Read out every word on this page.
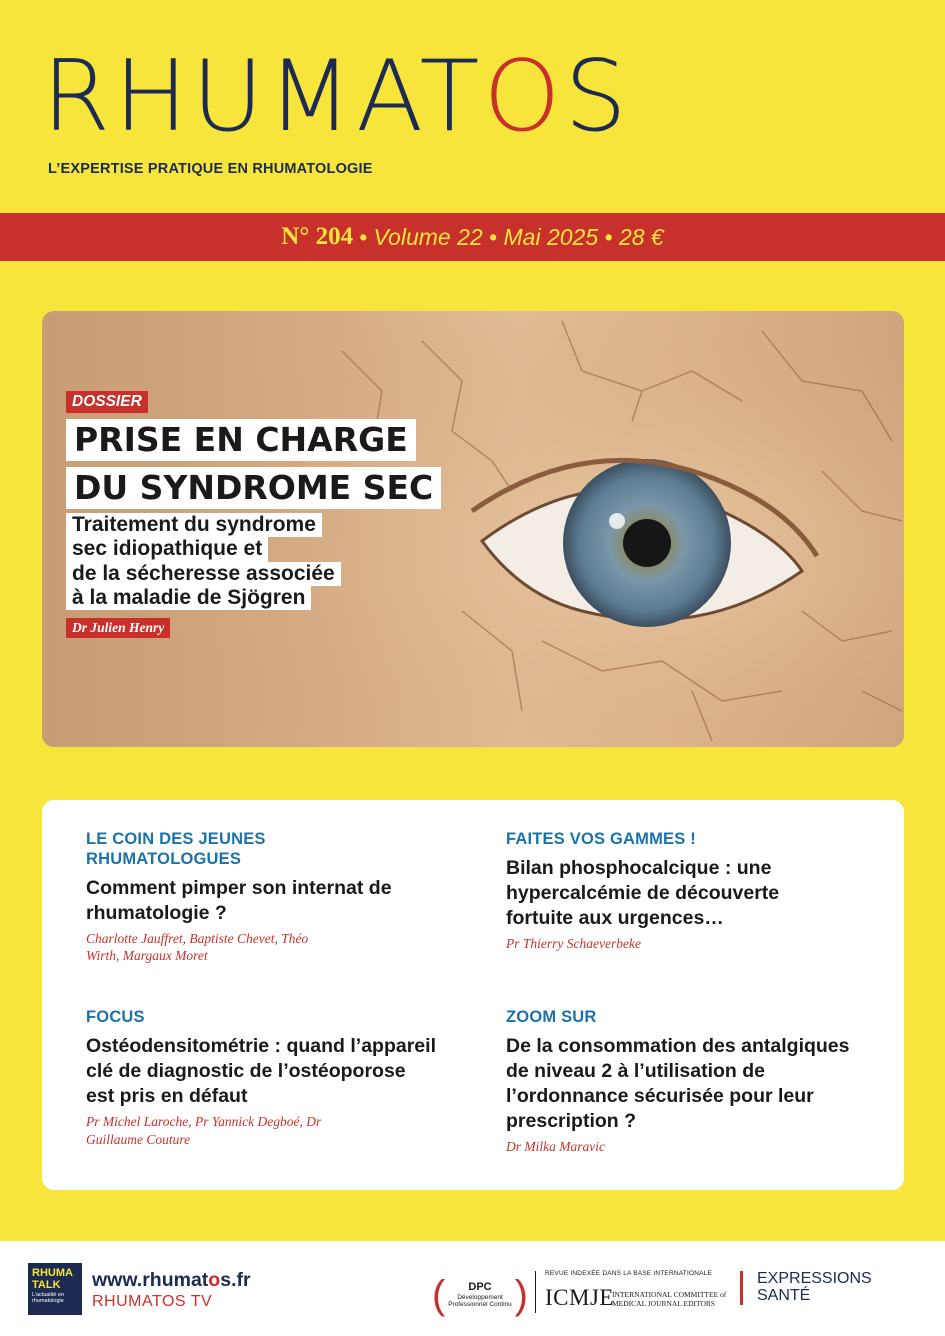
RHUMATOS
L’EXPERTISE PRATIQUE EN RHUMATOLOGIE
N° 204 • Volume 22 • Mai 2025 • 28 €
DOSSIER
PRISE EN CHARGE
DU SYNDROME SEC
Traitement du syndrome
sec idiopathique et
de la sécheresse associée
à la maladie de Sjögren
Dr Julien Henry
LE COIN DES JEUNES RHUMATOLOGUES
Comment pimper son internat de rhumatologie ?
Charlotte Jauffret, Baptiste Chevet, Théo Wirth, Margaux Moret
FAITES VOS GAMMES !
Bilan phosphocalcique : une hypercalcémie de découverte fortuite aux urgences…
Pr Thierry Schaeverbeke
FOCUS
Ostéodensitométrie : quand l’appareil clé de diagnostic de l’ostéoporose est pris en défaut
Pr Michel Laroche, Pr Yannick Degboé, Dr Guillaume Couture
ZOOM SUR
De la consommation des antalgiques de niveau 2 à l’utilisation de l’ordonnance sécurisée pour leur prescription ?
Dr Milka Maravic
RHUMA
TALK
L’actualité en rhumatologie
www.rhumatos.fr
RHUMATOS TV	(	DPC
Développement Professionnel Continu )	REVUE INDEXÉE DANS LA BASE INTERNATIONALE
ICMJE
INTERNATIONAL COMMITTEE of
MEDICAL JOURNAL EDITORS
EXPRESSIONS
SANTÉ
